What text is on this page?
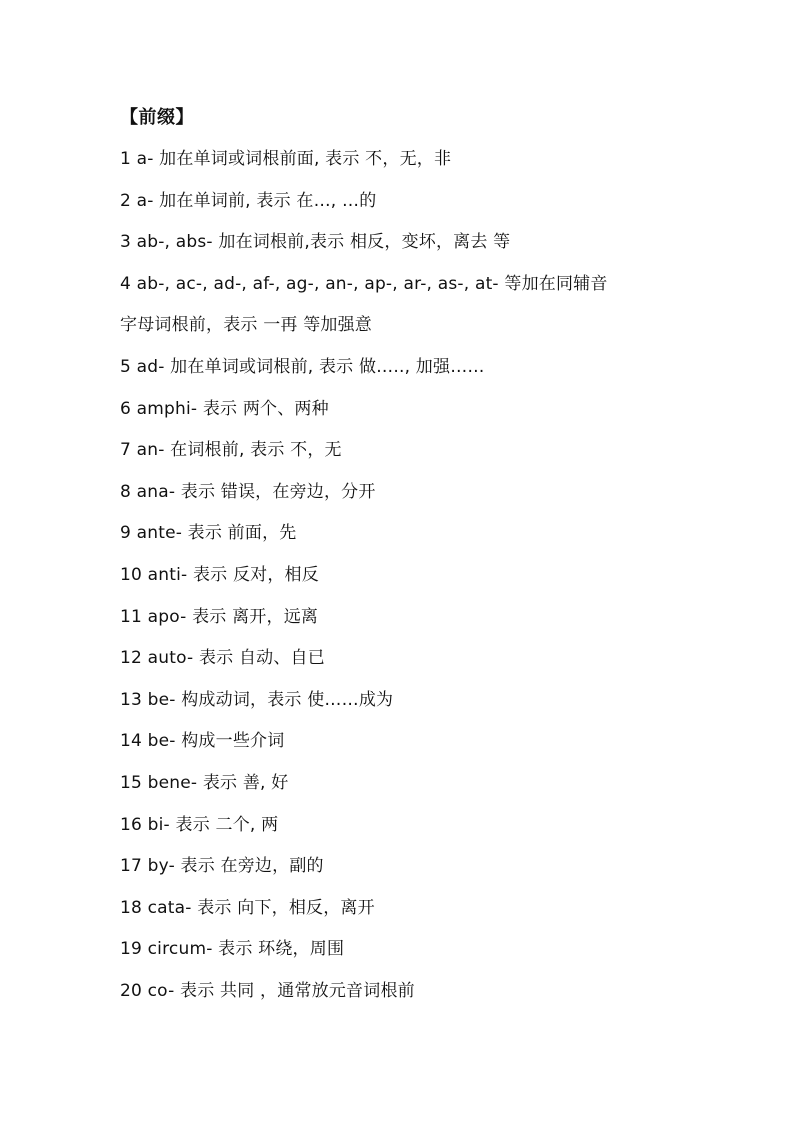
【前缀】
1 a- 加在单词或词根前面, 表示 不，无，非
2 a- 加在单词前, 表示 在…, …的
3 ab-, abs- 加在词根前,表示 相反，变坏，离去 等
4 ab-, ac-, ad-, af-, ag-, an-, ap-, ar-, as-, at- 等加在同辅音
字母词根前，表示 一再 等加强意
5 ad- 加在单词或词根前, 表示 做….., 加强……
6 amphi- 表示 两个、两种
7 an- 在词根前, 表示 不，无
8 ana- 表示 错误，在旁边，分开
9 ante- 表示 前面，先
10 anti- 表示 反对，相反
11 apo- 表示 离开，远离
12 auto- 表示 自动、自已
13 be- 构成动词，表示 使……成为
14 be- 构成一些介词
15 bene- 表示 善, 好
16 bi- 表示 二个, 两
17 by- 表示 在旁边，副的
18 cata- 表示 向下，相反，离开
19 circum- 表示 环绕，周围
20 co- 表示 共同 ，通常放元音词根前
